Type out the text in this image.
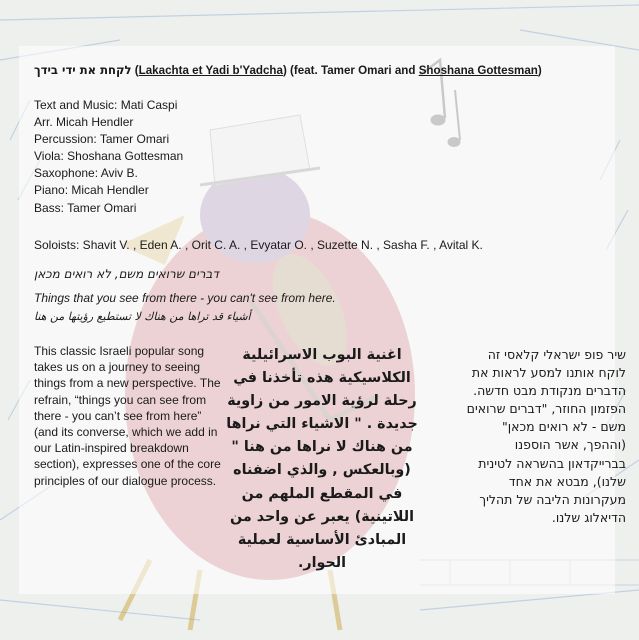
לקחת את ידי בידך (Lakachta et Yadi b'Yadcha) (feat. Tamer Omari and Shoshana Gottesman)
Text and Music: Mati Caspi
Arr. Micah Hendler
Percussion: Tamer Omari
Viola: Shoshana Gottesman
Saxophone: Aviv B.
Piano: Micah Hendler
Bass: Tamer Omari
Soloists: Shavit V. , Eden A. , Orit C. A. , Evyatar O. , Suzette N. , Sasha F. , Avital K.
דברים שרואים משם, לא רואים מכאן
Things that you see from there - you can't see from here.
أشياء قد تراها من هناك لا تستطيع رؤيتها من هنا
This classic Israeli popular song takes us on a journey to seeing things from a new perspective. The refrain, “things you can see from there - you can’t see from here” (and its converse, which we add in our Latin-inspired breakdown section), expresses one of the core principles of our dialogue process.
اغنية البوب الاسرائيلية الكلاسيكية هذه تأخذنا في رحلة لرؤية الامور من زاوية جديدة . " الاشياء التي نراها من هناك لا نراها من هنا " (وبالعكس , والذي اضفناه في المقطع الملهم من اللاتينية) يعبر عن واحد من المبادئ الأساسية لعملية الحوار.
שיר פופ ישראלי קלאסי זה לוקח אותנו למסע לראות את הדברים מנקודת מבט חדשה. הפזמון החוזר, "דברים שרואים משם - לא רואים מכאן" (וההפך, אשר הוספנו בברייקדאון בהשראה לטינית שלנו), מבטא את אחד מעקרונות הליבה של תהליך הדיאלוג שלנו.
